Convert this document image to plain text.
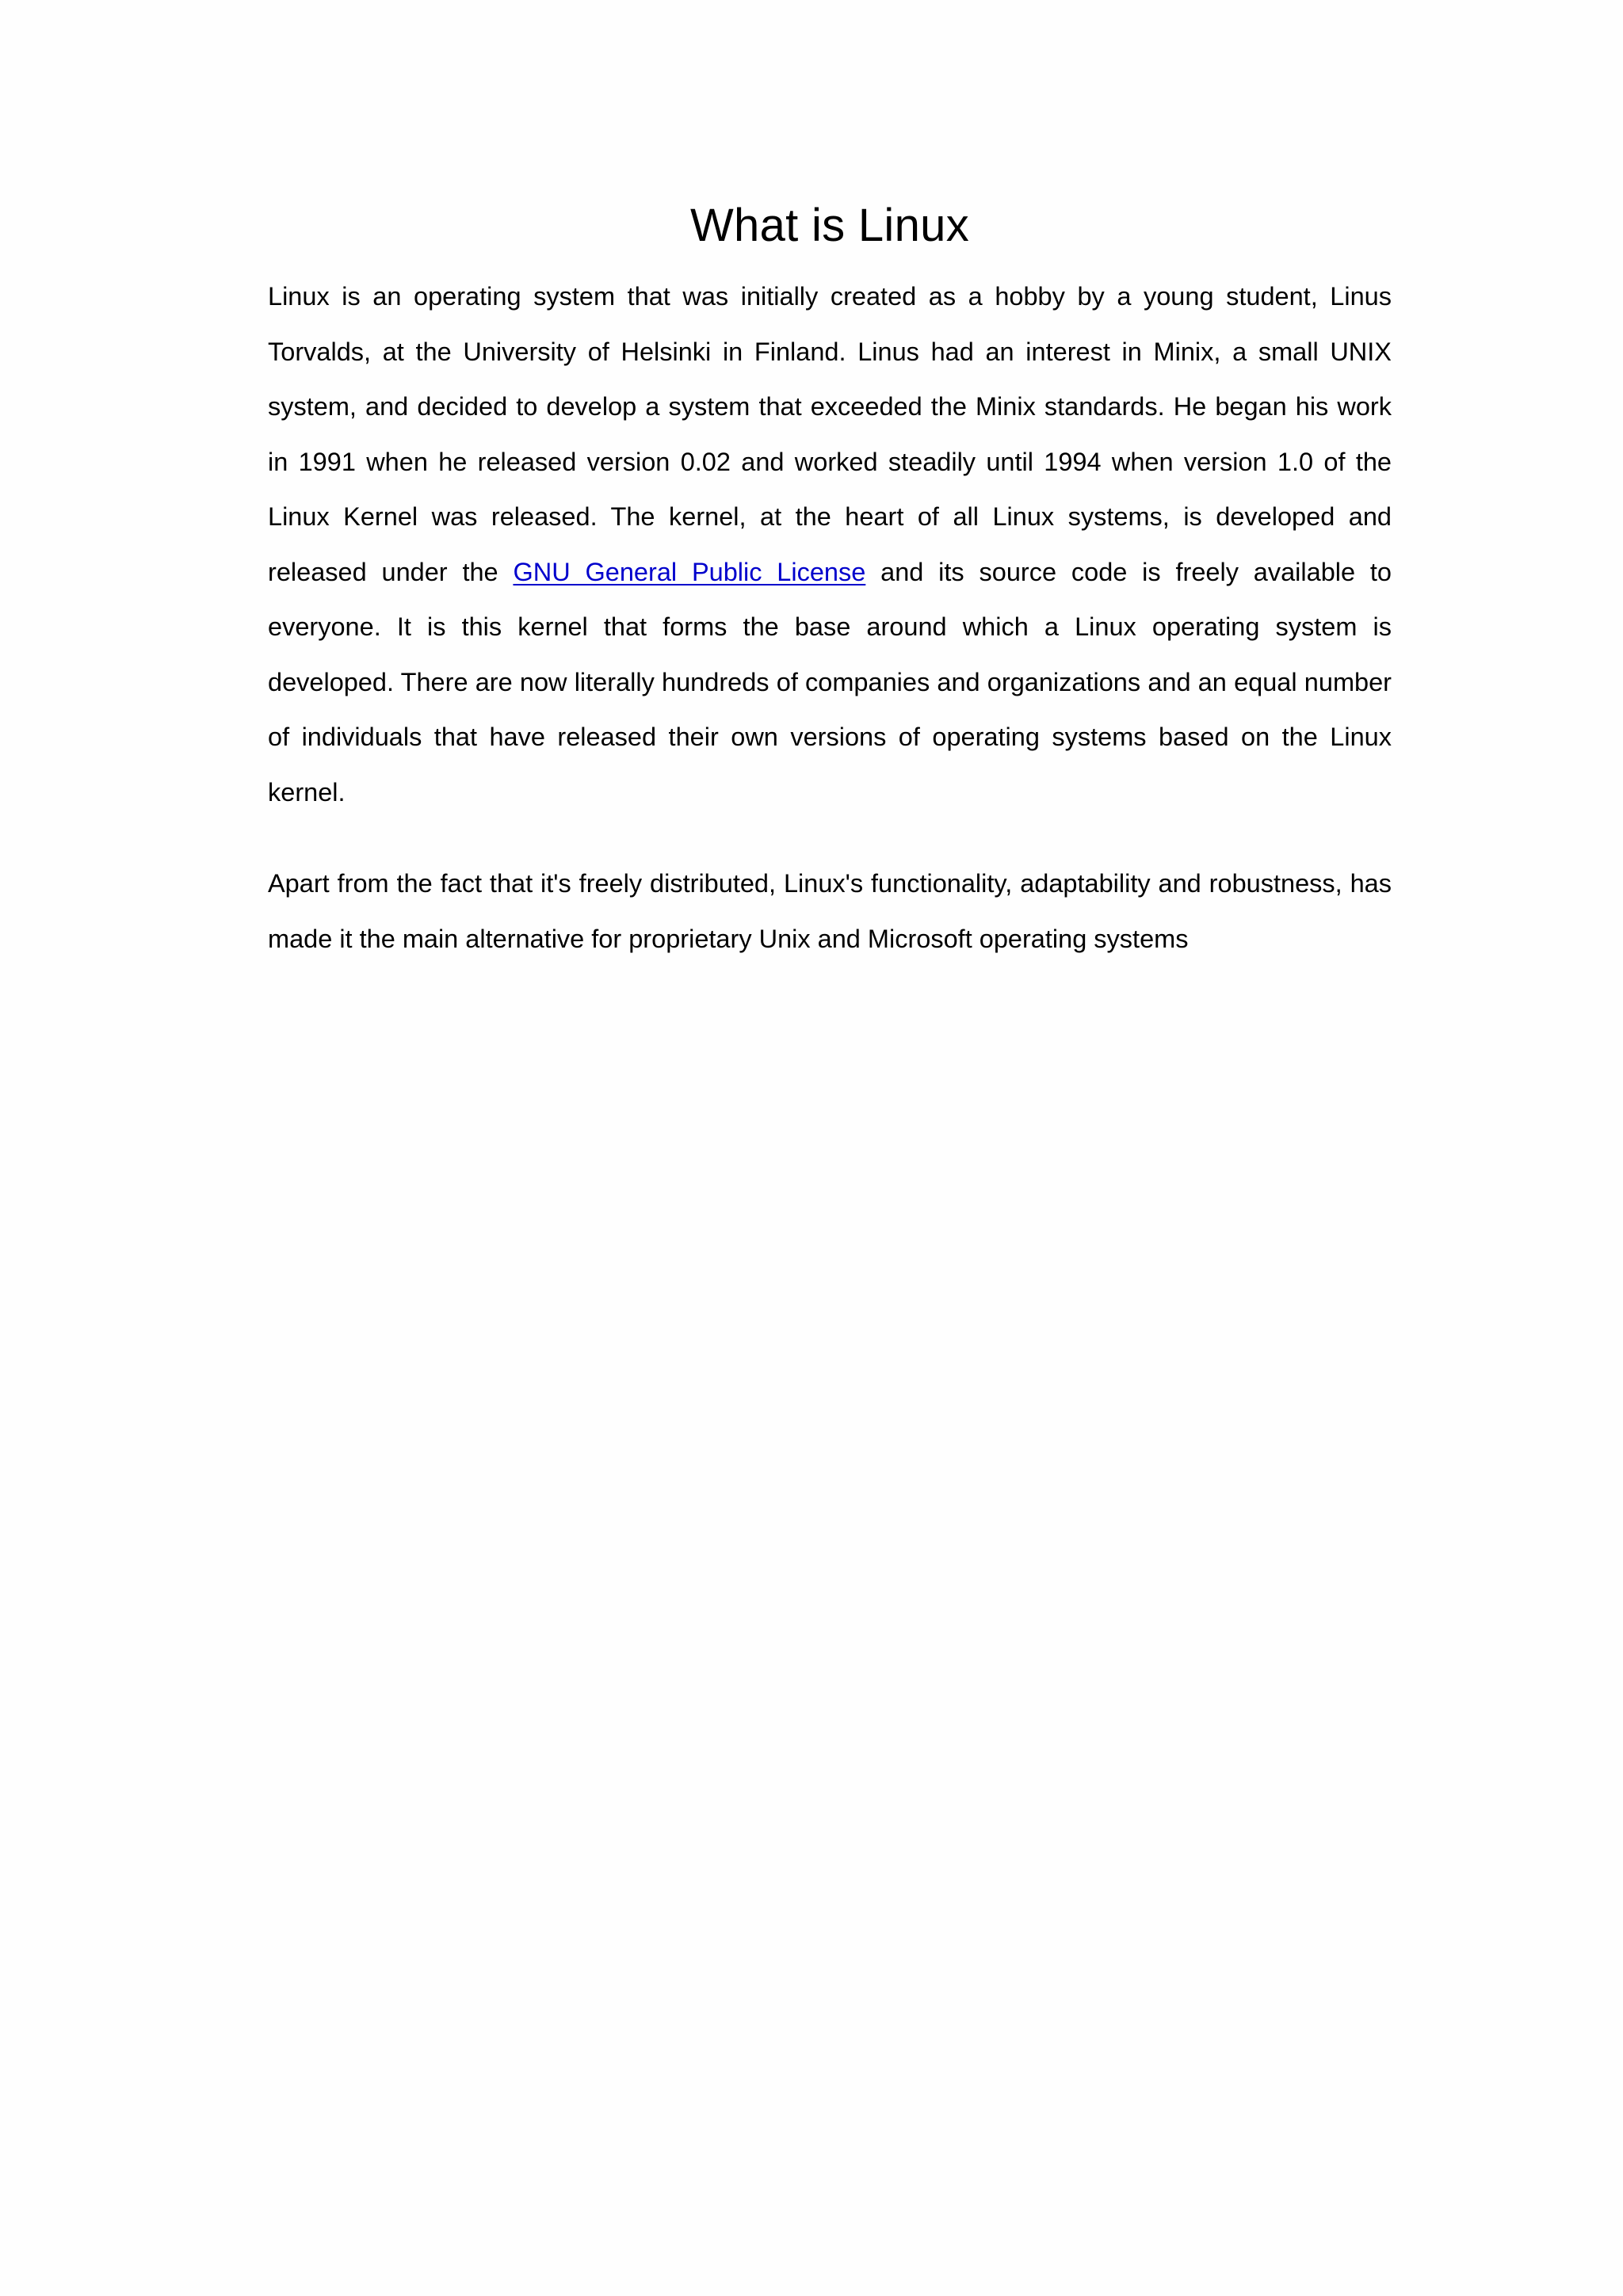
What is Linux

Linux is an operating system that was initially created as a hobby by a young student, Linus Torvalds, at the University of Helsinki in Finland. Linus had an interest in Minix, a small UNIX system, and decided to develop a system that exceeded the Minix standards. He began his work in 1991 when he released version 0.02 and worked steadily until 1994 when version 1.0 of the Linux Kernel was released. The kernel, at the heart of all Linux systems, is developed and released under the GNU General Public License and its source code is freely available to everyone. It is this kernel that forms the base around which a Linux operating system is developed. There are now literally hundreds of companies and organizations and an equal number of individuals that have released their own versions of operating systems based on the Linux kernel.

Apart from the fact that it's freely distributed, Linux's functionality, adaptability and robustness, has made it the main alternative for proprietary Unix and Microsoft operating systems
